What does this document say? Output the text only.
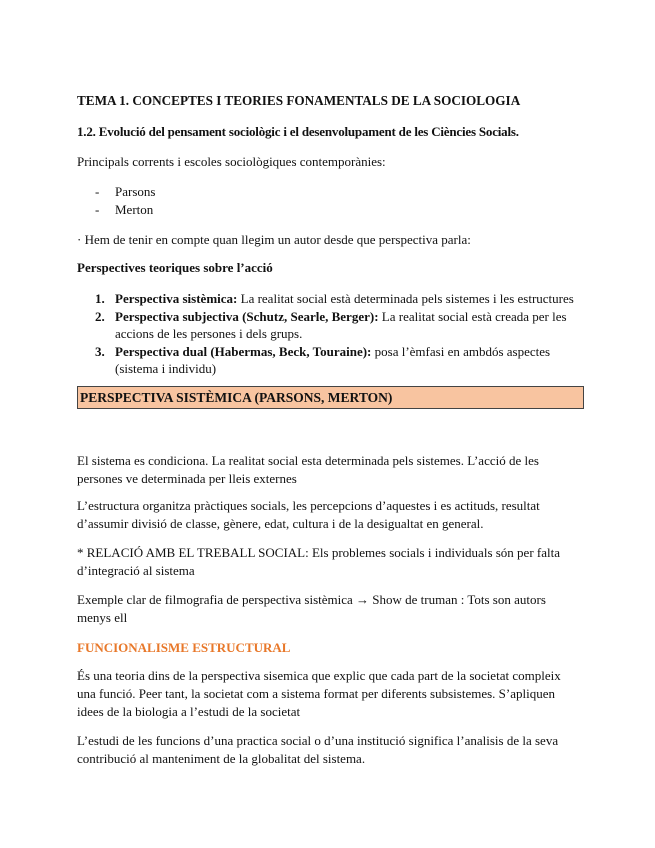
TEMA 1. CONCEPTES I TEORIES FONAMENTALS DE LA SOCIOLOGIA
1.2. Evolució del pensament sociològic i el desenvolupament de les Ciències Socials.
Principals corrents i escoles sociològiques contemporànies:
- Parsons
- Merton
· Hem de tenir en compte quan llegim un autor desde que perspectiva parla:
Perspectives teoriques sobre l’acció
1. Perspectiva sistèmica: La realitat social està determinada pels sistemes i les estructures
2. Perspectiva subjectiva (Schutz, Searle, Berger): La realitat social està creada per les accions de les persones i dels grups.
3. Perspectiva dual (Habermas, Beck, Touraine): posa l’èmfasi en ambdós aspectes (sistema i individu)
PERSPECTIVA SISTÈMICA (PARSONS, MERTON)
El sistema es condiciona. La realitat social esta determinada pels sistemes. L’acció de les persones ve determinada per lleis externes
L’estructura organitza pràctiques socials, les percepcions d’aquestes i es actituds, resultat d’assumir divisió de classe, gènere, edat, cultura i de la desigualtat en general.
* RELACIÓ AMB EL TREBALL SOCIAL: Els problemes socials i individuals són per falta d’integració al sistema
Exemple clar de filmografia de perspectiva sistèmica → Show de truman : Tots son autors menys ell
FUNCIONALISME ESTRUCTURAL
És una teoria dins de la perspectiva sisemica que explic que cada part de la societat compleix una funció. Peer tant, la societat com a sistema format per diferents subsistemes. S’apliquen idees de la biologia a l’estudi de la societat
L’estudi de les funcions d’una practica social o d’una institució significa l’analisis de la seva contribució al manteniment de la globalitat del sistema.
